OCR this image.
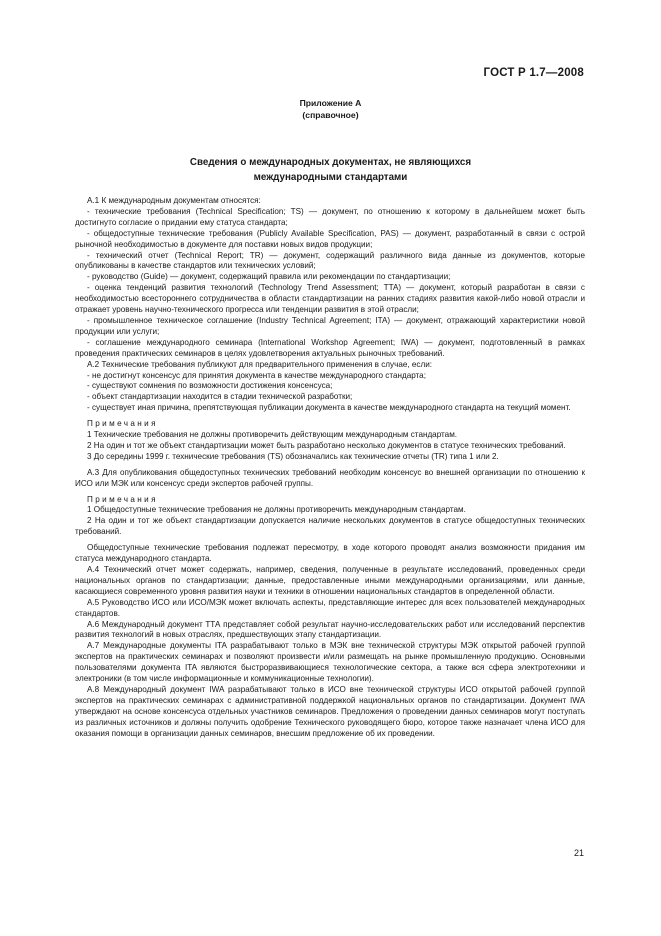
ГОСТ Р 1.7—2008
Приложение А
(справочное)
Сведения о международных документах, не являющихся
международными стандартами

А.1 К международным документам относятся:

- технические требования (Technical Specification; TS) — документ, по отношению к которому в дальнейшем может быть достигнуто согласие о придании ему статуса стандарта;

- общедоступные технические требования (Publicly Available Specification, PAS) — документ, разработанный в связи с острой рыночной необходимостью в документе для поставки новых видов продукции;

- технический отчет (Technical Report; TR) — документ, содержащий различного вида данные из документов, которые опубликованы в качестве стандартов или технических условий;

- руководство (Guide) — документ, содержащий правила или рекомендации по стандартизации;

- оценка тенденций развития технологий (Technology Trend Assessment; TTA) — документ, который разработан в связи с необходимостью всестороннего сотрудничества в области стандартизации на ранних стадиях развития какой-либо новой отрасли и отражает уровень научно-технического прогресса или тенденции развития в этой отрасли;

- промышленное техническое соглашение (Industry Technical Agreement; ITA) — документ, отражающий характеристики новой продукции или услуги;

- соглашение международного семинара (International Workshop Agreement; IWA) — документ, подготовленный в рамках проведения практических семинаров в целях удовлетворения актуальных рыночных требований.

А.2 Технические требования публикуют для предварительного применения в случае, если:

- не достигнут консенсус для принятия документа в качестве международного стандарта;

- существуют сомнения по возможности достижения консенсуса;

- объект стандартизации находится в стадии технической разработки;

- существует иная причина, препятствующая публикации документа в качестве международного стандарта на текущий момент.

Примечания

1 Технические требования не должны противоречить действующим международным стандартам.

2 На один и тот же объект стандартизации может быть разработано несколько документов в статусе технических требований.

3 До середины 1999 г. технические требования (TS) обозначались как технические отчеты (TR) типа 1 или 2.

А.3 Для опубликования общедоступных технических требований необходим консенсус во внешней организации по отношению к ИСО или МЭК или консенсус среди экспертов рабочей группы.

Примечания

1 Общедоступные технические требования не должны противоречить международным стандартам.

2 На один и тот же объект стандартизации допускается наличие нескольких документов в статусе общедоступных технических требований.

Общедоступные технические требования подлежат пересмотру, в ходе которого проводят анализ возможности придания им статуса международного стандарта.

А.4 Технический отчет может содержать, например, сведения, полученные в результате исследований, проведенных среди национальных органов по стандартизации; данные, предоставленные иными международными организациями, или данные, касающиеся современного уровня развития науки и техники в отношении национальных стандартов в определенной области.

А.5 Руководство ИСО или ИСО/МЭК может включать аспекты, представляющие интерес для всех пользователей международных стандартов.

А.6 Международный документ ТТА представляет собой результат научно-исследовательских работ или исследований перспектив развития технологий в новых отраслях, предшествующих этапу стандартизации.

А.7 Международные документы ITA разрабатывают только в МЭК вне технической структуры МЭК открытой рабочей группой экспертов на практических семинарах и позволяют произвести и/или размещать на рынке промышленную продукцию. Основными пользователями документа ITA являются быстроразвивающиеся технологические сектора, а также вся сфера электротехники и электроники (в том числе информационные и коммуникационные технологии).

А.8 Международный документ IWA разрабатывают только в ИСО вне технической структуры ИСО открытой рабочей группой экспертов на практических семинарах с административной поддержкой национальных органов по стандартизации. Документ IWA утверждают на основе консенсуса отдельных участников семинаров. Предложения о проведении данных семинаров могут поступать из различных источников и должны получить одобрение Технического руководящего бюро, которое также назначает члена ИСО для оказания помощи в организации данных семинаров, внесшим предложение об их проведении.

21
